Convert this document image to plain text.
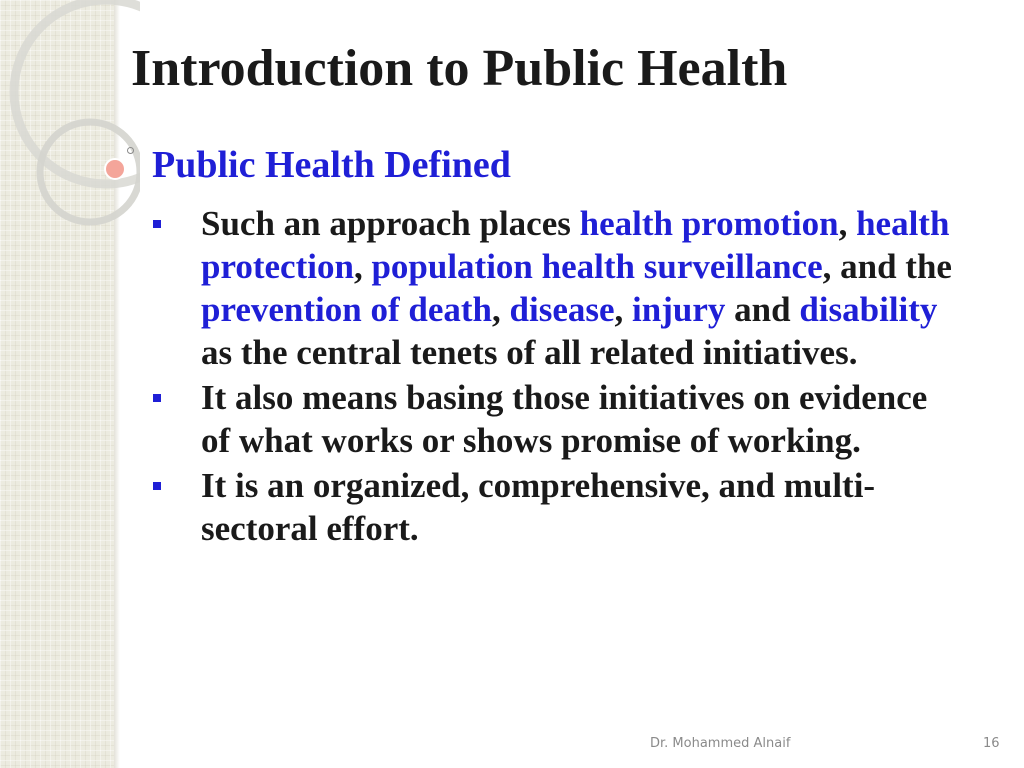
Introduction to Public Health
Public Health Defined
Such an approach places health promotion, health protection, population health surveillance, and the prevention of death, disease, injury and disability as the central tenets of all related initiatives.
It also means basing those initiatives on evidence of what works or shows promise of working.
It is an organized, comprehensive, and multi-sectoral effort.
Dr. Mohammed Alnaif	16
